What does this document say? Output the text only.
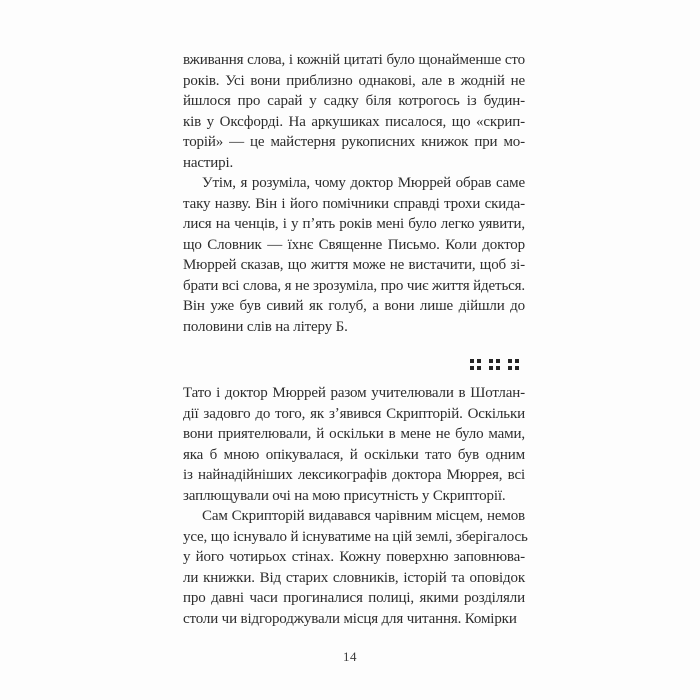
вживання слова, і кожній цитаті було щонайменше сто
років. Усі вони приблизно однакові, але в жодній не
йшлося про сарай у садку біля котрогось із будин-
ків у Оксфорді. На аркушиках писалося, що «скрип-
торій» — це майстерня рукописних книжок при мо-
настирі.
Утім, я розуміла, чому доктор Мюррей обрав саме
таку назву. Він і його помічники справді трохи скида-
лися на ченців, і у пʼять років мені було легко уявити,
що Словник — їхнє Священне Письмо. Коли доктор
Мюррей сказав, що життя може не вистачити, щоб зі-
брати всі слова, я не зрозуміла, про чиє життя йдеться.
Він уже був сивий як голуб, а вони лише дійшли до
половини слів на літеру Б.
Тато і доктор Мюррей разом учителювали в Шотлан-
дії задовго до того, як зʼявився Скрипторій. Оскільки
вони приятелювали, й оскільки в мене не було мами,
яка б мною опікувалася, й оскільки тато був одним
із найнадійніших лексикографів доктора Мюррея, всі
заплющували очі на мою присутність у Скрипторії.
Сам Скрипторій видавався чарівним місцем, немов
усе, що існувало й існуватиме на цій землі, зберігалось
у його чотирьох стінах. Кожну поверхню заповнюва-
ли книжки. Від старих словників, історій та оповідок
про давні часи прогиналися полиці, якими розділяли
столи чи відгороджували місця для читання. Комірки
14
